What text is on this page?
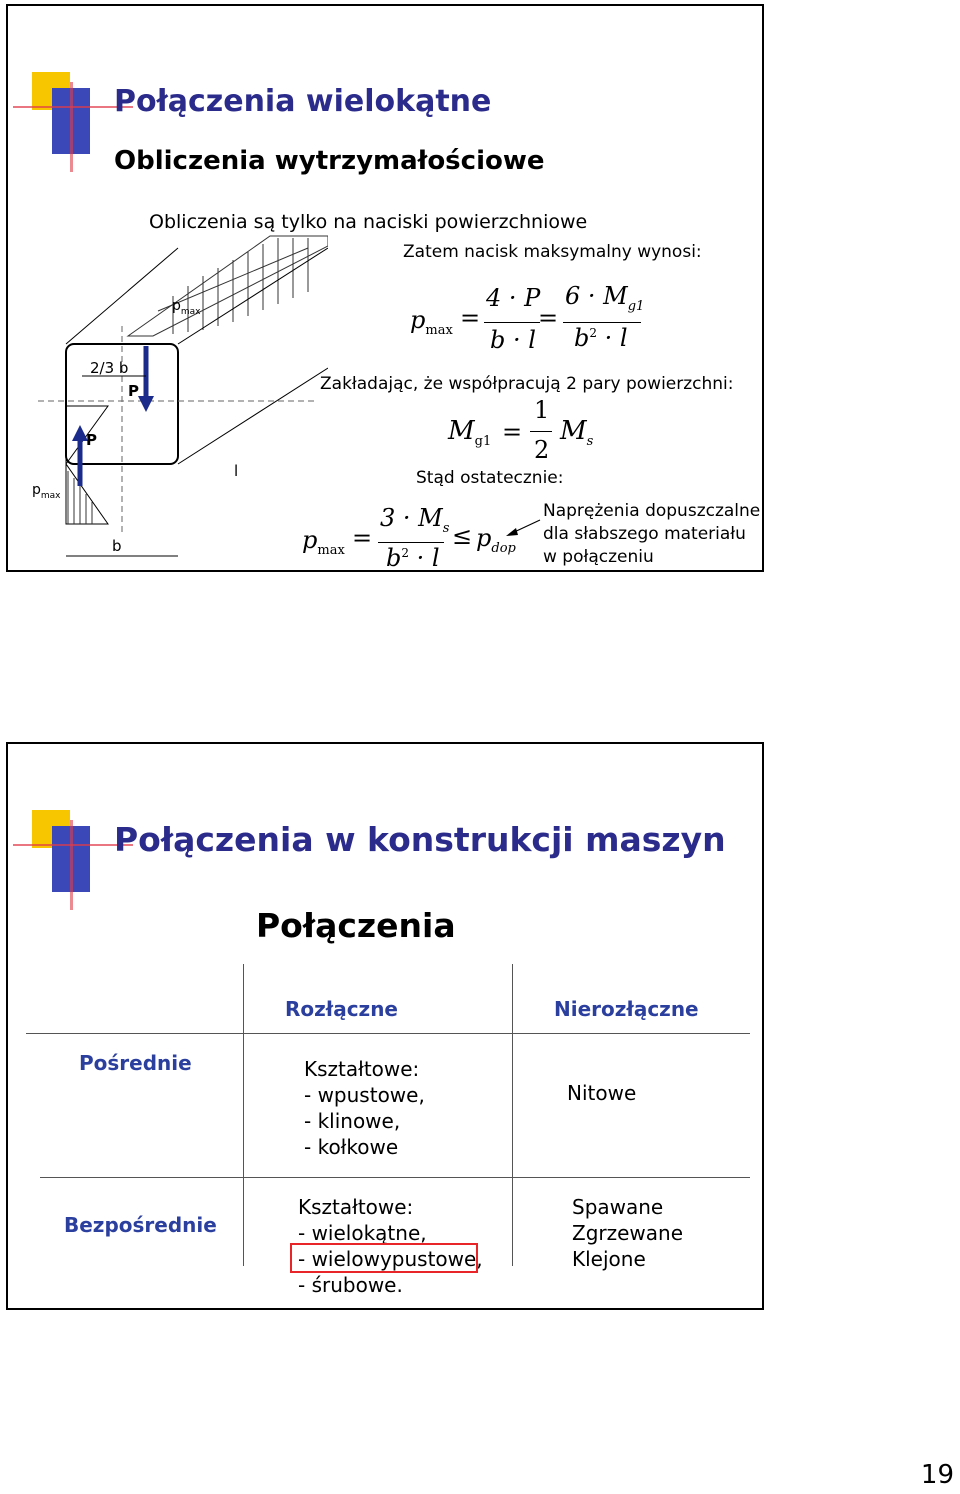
Połączenia wielokątne
Obliczenia wytrzymałościowe
Obliczenia są tylko na naciski powierzchniowe
$p_{max}$
2/3 b
P
P
l
$p_{max}$
b
Zatem nacisk maksymalny wynosi:
$p_{max}$ =
4 · P
b · l
=
$6 \cdot M_{g1}$
$b^2 \cdot l$
Zakładając, że współpracują 2 pary powierzchni:
$M_{g1}$ =
1
2
$M_s$
Stąd ostatecznie:
$p_{max}$ =
$3 \cdot M_s$
$b^2 \cdot l$
≤ $p_{dop}$
Naprężenia dopuszczalne
dla słabszego materiału
w połączeniu
Połączenia w konstrukcji maszyn
Połączenia
Rozłączne	Nierozłączne
Pośrednie
Bezpośrednie
Kształtowe:
- wpustowe,
- klinowe,
- kołkowe
Nitowe
Kształtowe:
- wielokątne,
- wielowypustowe,
- śrubowe.
Spawane
Zgrzewane
Klejone
19
